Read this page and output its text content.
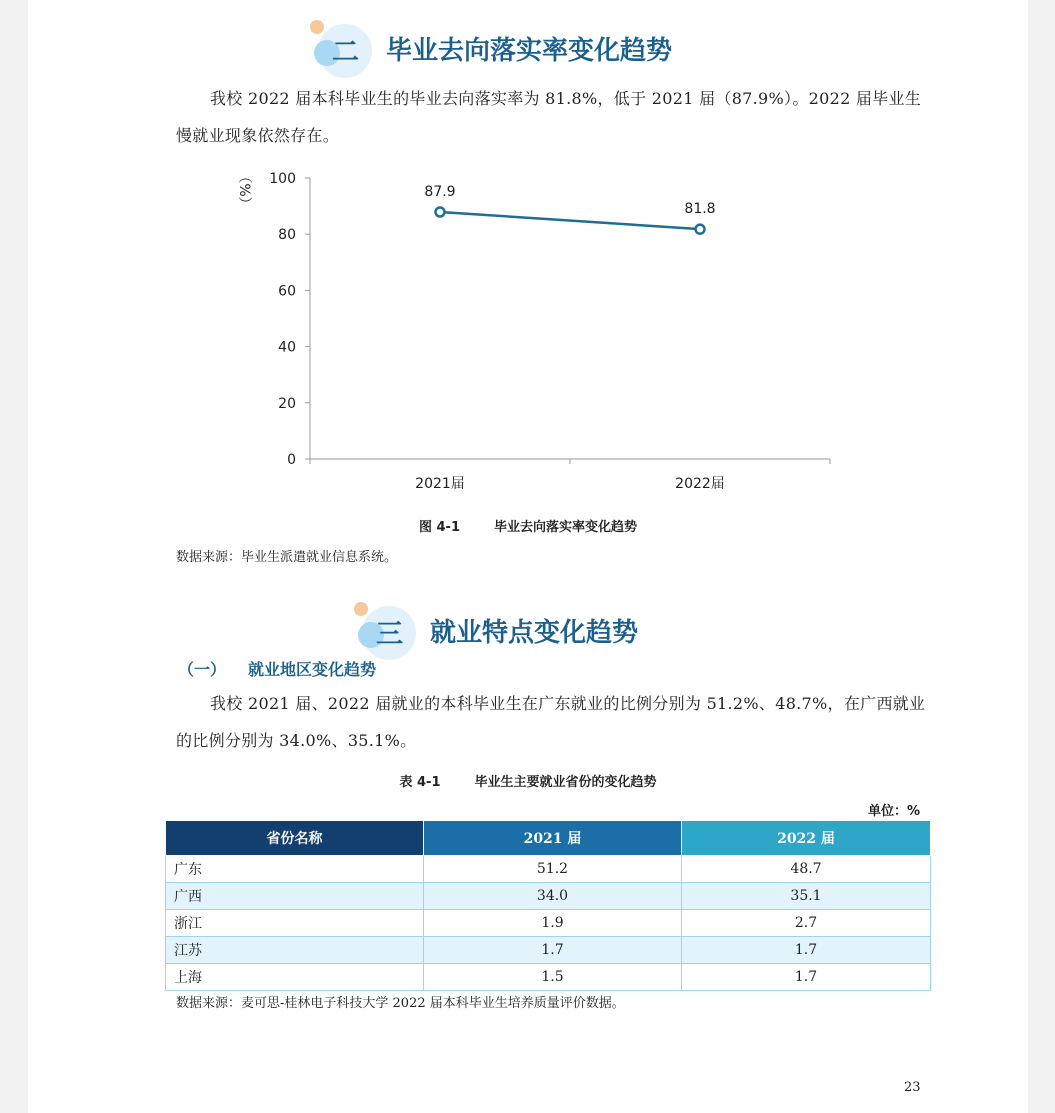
二 毕业去向落实率变化趋势
我校 2022 届本科毕业生的毕业去向落实率为 81.8%，低于 2021 届（87.9%）。2022 届毕业生慢就业现象依然存在。
0
20
40
60
80
100
2021届	2022届
（%）	87.9
81.8
图 4-1	毕业去向落实率变化趋势
数据来源：毕业生派遣就业信息系统。
三 就业特点变化趋势
（一） 就业地区变化趋势
我校 2021 届、2022 届就业的本科毕业生在广东就业的比例分别为 51.2%、48.7%，在广西就业的比例分别为 34.0%、35.1%。
表 4-1	毕业生主要就业省份的变化趋势
单位：%
省份名称	2021 届	2022 届
广东	51.2	48.7
广西	34.0	35.1
浙江	1.9	2.7
江苏	1.7	1.7
上海	1.5	1.7
数据来源：麦可思-桂林电子科技大学 2022 届本科毕业生培养质量评价数据。
23
